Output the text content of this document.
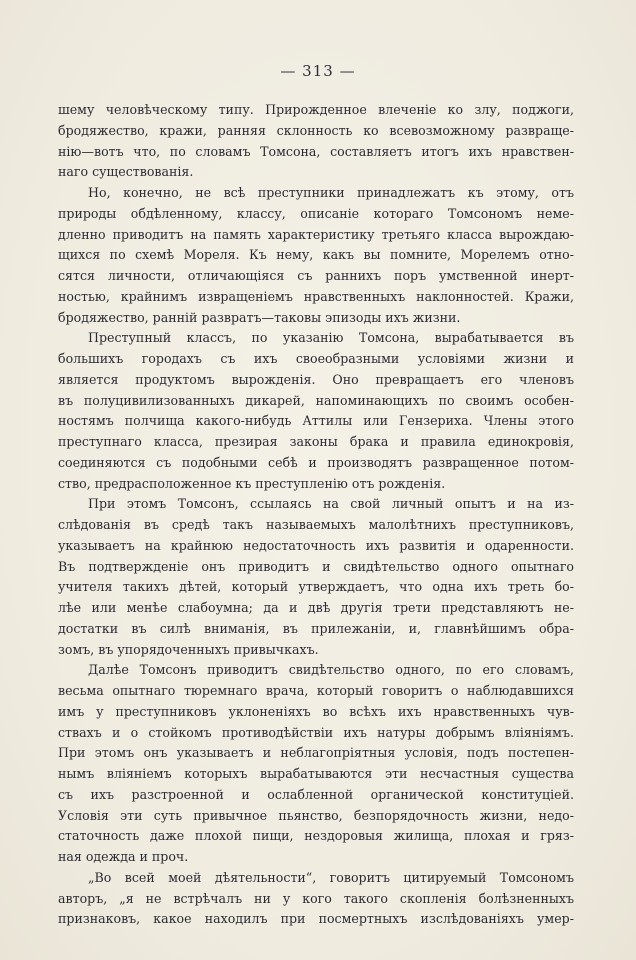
— 313 —
шему человѣческому типу. Прирожденное влеченіе ко злу, поджоги,
бродяжество, кражи, ранняя склонность ко всевозможному развраще-
нію—вотъ что, по словамъ Томсона, составляетъ итогъ ихъ нравствен-
наго существованія.
Но, конечно, не всѣ преступники принадлежатъ къ этому, отъ
природы обдѣленному, классу, описаніе котораго Томсономъ неме-
дленно приводитъ на память характеристику третьяго класса вырождаю-
щихся по схемѣ Мореля. Къ нему, какъ вы помните, Морелемъ отно-
сятся личности, отличающіяся съ раннихъ поръ умственной инерт-
ностью, крайнимъ извращеніемъ нравственныхъ наклонностей. Кражи,
бродяжество, ранній развратъ—таковы эпизоды ихъ жизни.
Преступный классъ, по указанію Томсона, вырабатывается въ
большихъ городахъ съ ихъ своеобразными условіями жизни и
является продуктомъ вырожденія. Оно превращаетъ его членовъ
въ полуцивилизованныхъ дикарей, напоминающихъ по своимъ особен-
ностямъ полчища какого-нибудь Аттилы или Гензериха. Члены этого
преступнаго класса, презирая законы брака и правила единокровія,
соединяются съ подобными себѣ и производятъ развращенное потом-
ство, предрасположенное къ преступленію отъ рожденія.
При этомъ Томсонъ, ссылаясь на свой личный опытъ и на из-
слѣдованія въ средѣ такъ называемыхъ малолѣтнихъ преступниковъ,
указываетъ на крайнюю недостаточность ихъ развитія и одаренности.
Въ подтвержденіе онъ приводитъ и свидѣтельство одного опытнаго
учителя такихъ дѣтей, который утверждаетъ, что одна ихъ треть бо-
лѣе или менѣе слабоумна; да и двѣ другія трети представляютъ не-
достатки въ силѣ вниманія, въ прилежаніи, и, главнѣйшимъ обра-
зомъ, въ упорядоченныхъ привычкахъ.
Далѣе Томсонъ приводитъ свидѣтельство одного, по его словамъ,
весьма опытнаго тюремнаго врача, который говоритъ о наблюдавшихся
имъ у преступниковъ уклоненіяхъ во всѣхъ ихъ нравственныхъ чув-
ствахъ и о стойкомъ противодѣйствіи ихъ натуры добрымъ вліяніямъ.
При этомъ онъ указываетъ и неблагопріятныя условія, подъ постепен-
нымъ вліяніемъ которыхъ вырабатываются эти несчастныя существа
съ ихъ разстроенной и ослабленной органической конституціей.
Условія эти суть привычное пьянство, безпорядочность жизни, недо-
статочность даже плохой пищи, нездоровыя жилища, плохая и гряз-
ная одежда и проч.
„Во всей моей дѣятельности“, говоритъ цитируемый Томсономъ
авторъ, „я не встрѣчалъ ни у кого такого скопленія болѣзненныхъ
признаковъ, какое находилъ при посмертныхъ изслѣдованіяхъ умер-
